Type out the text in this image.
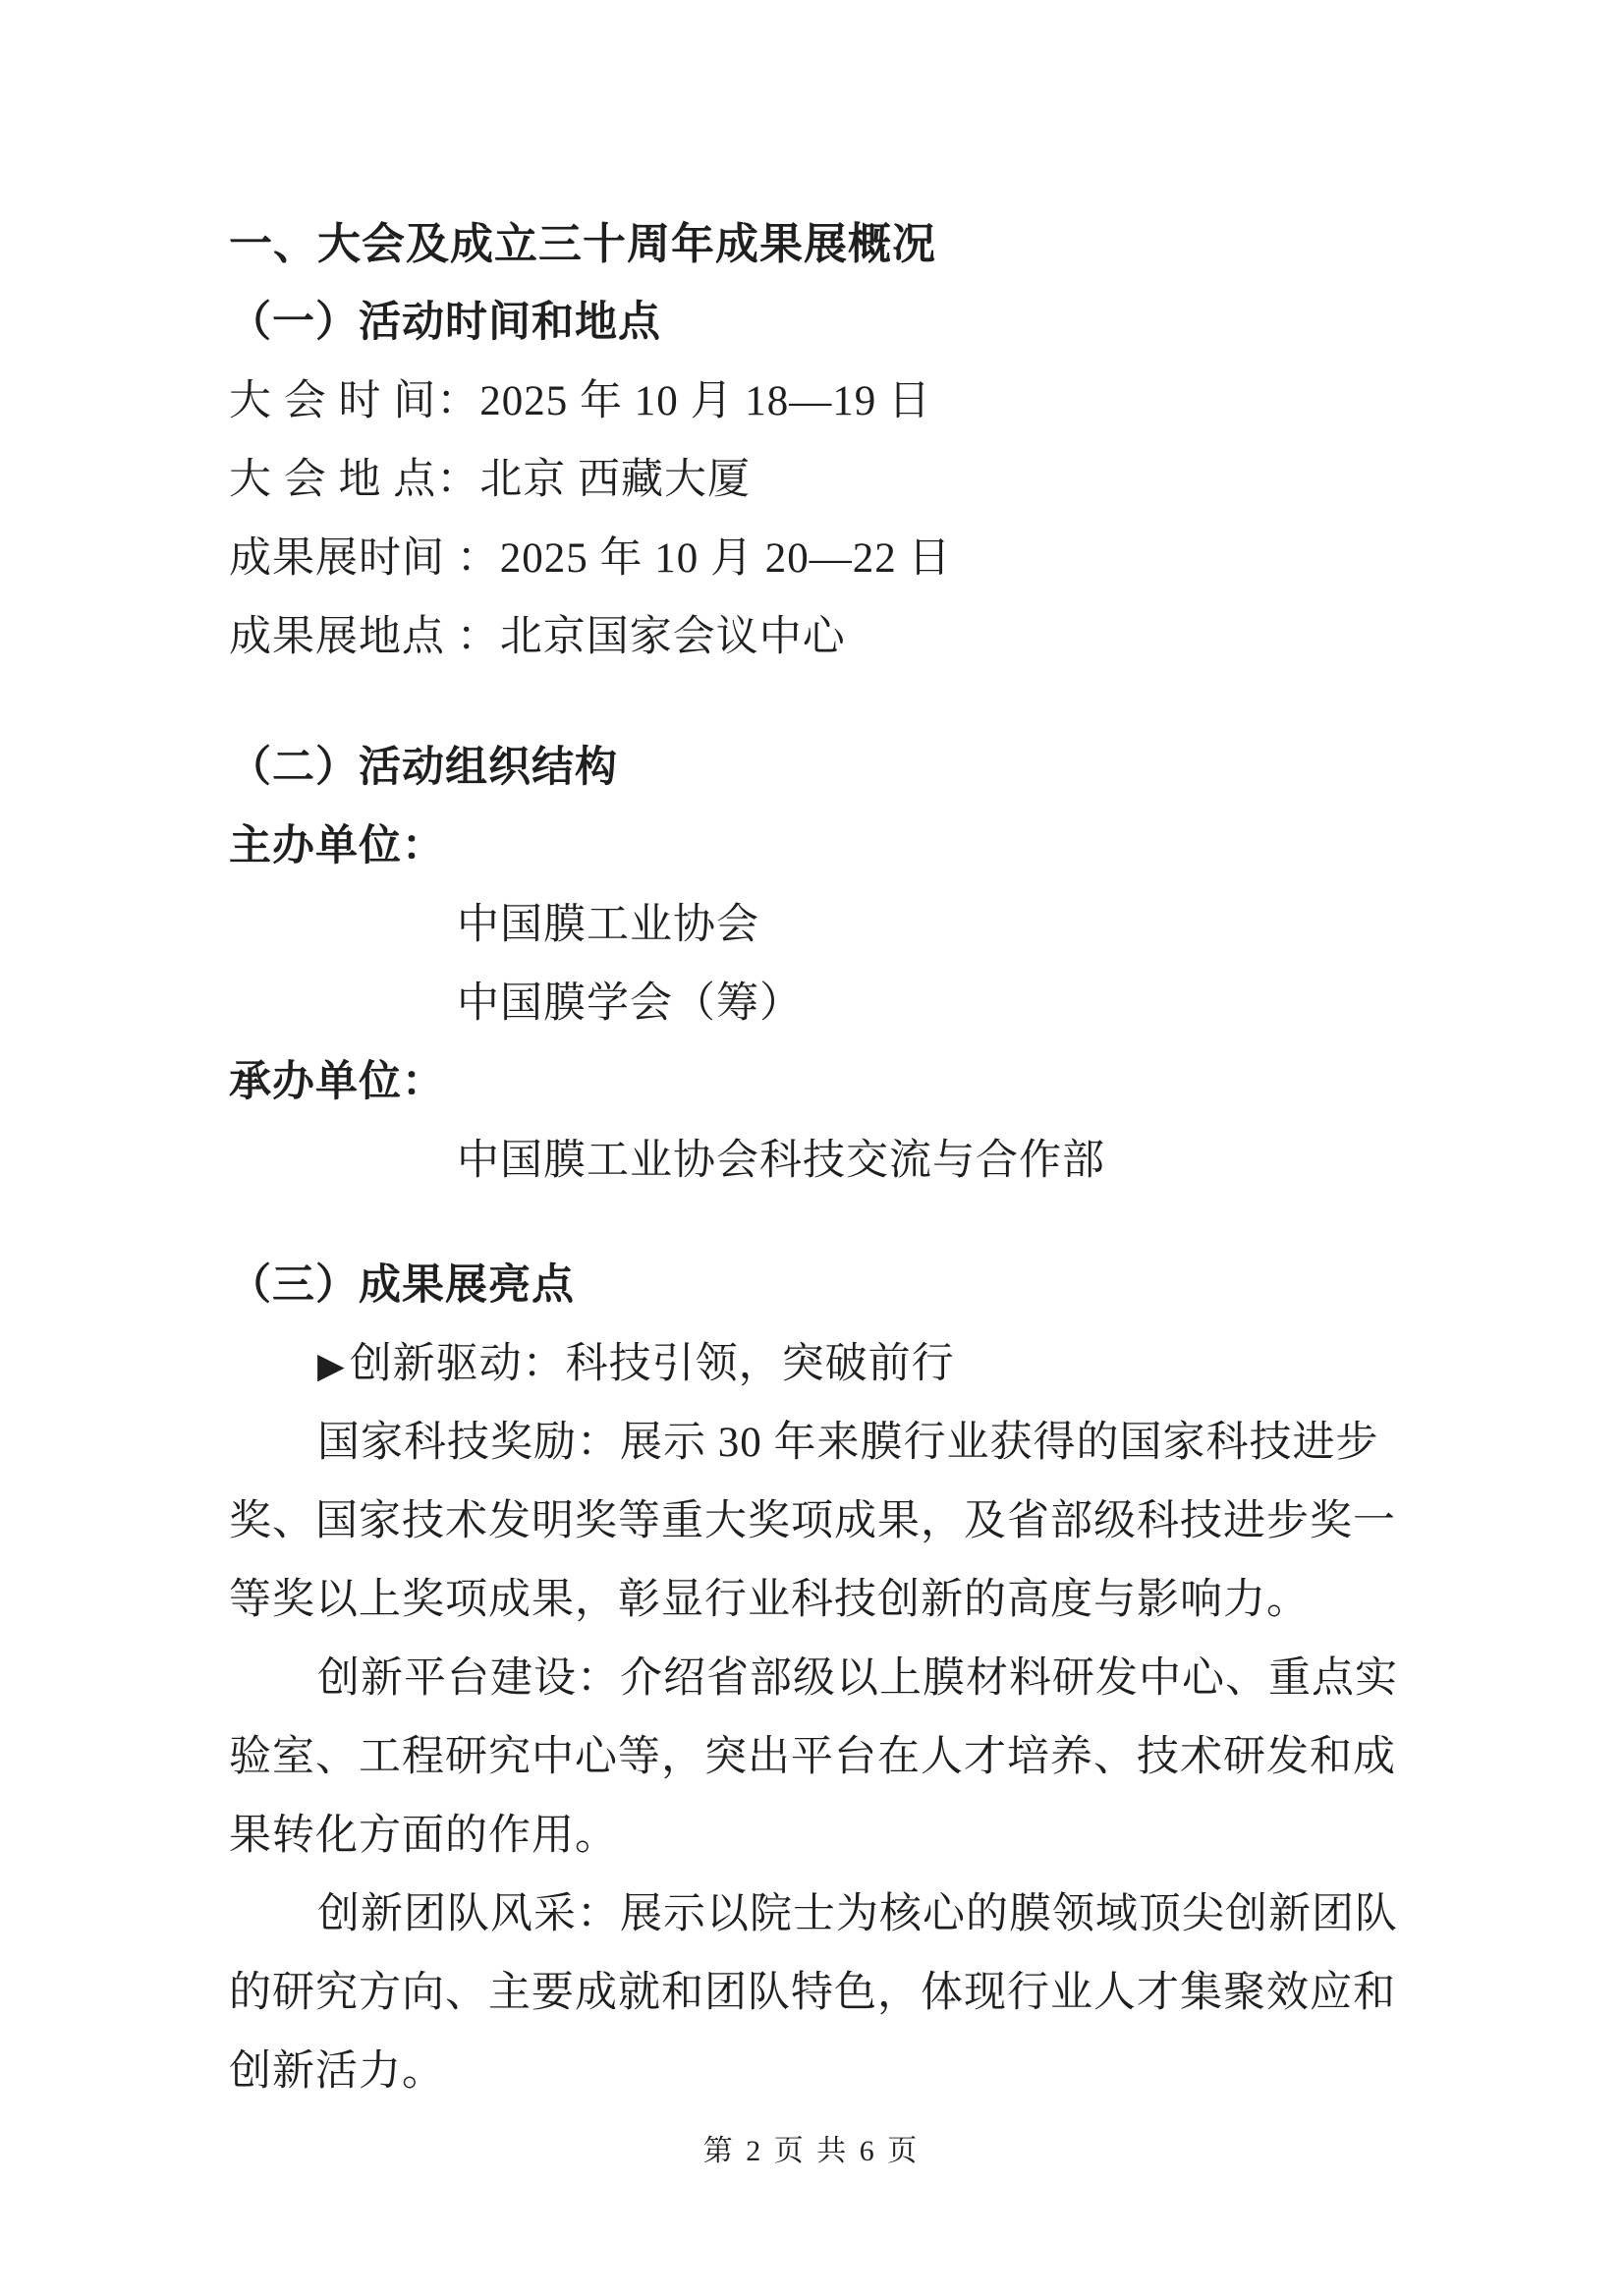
一、大会及成立三十周年成果展概况
（一）活动时间和地点
大 会 时 间：2025 年 10 月 18—19 日
大 会 地 点：北京 西藏大厦
成果展时间 ：2025 年 10 月 20—22 日
成果展地点 ：北京国家会议中心
（二）活动组织结构
主办单位：
中国膜工业协会
中国膜学会（筹）
承办单位：
中国膜工业协会科技交流与合作部
（三）成果展亮点
▶创新驱动：科技引领，突破前行
国家科技奖励：展示 30 年来膜行业获得的国家科技进步
奖、国家技术发明奖等重大奖项成果，及省部级科技进步奖一
等奖以上奖项成果，彰显行业科技创新的高度与影响力。
创新平台建设：介绍省部级以上膜材料研发中心、重点实
验室、工程研究中心等，突出平台在人才培养、技术研发和成
果转化方面的作用。
创新团队风采：展示以院士为核心的膜领域顶尖创新团队
的研究方向、主要成就和团队特色，体现行业人才集聚效应和
创新活力。
第 2 页 共 6 页
